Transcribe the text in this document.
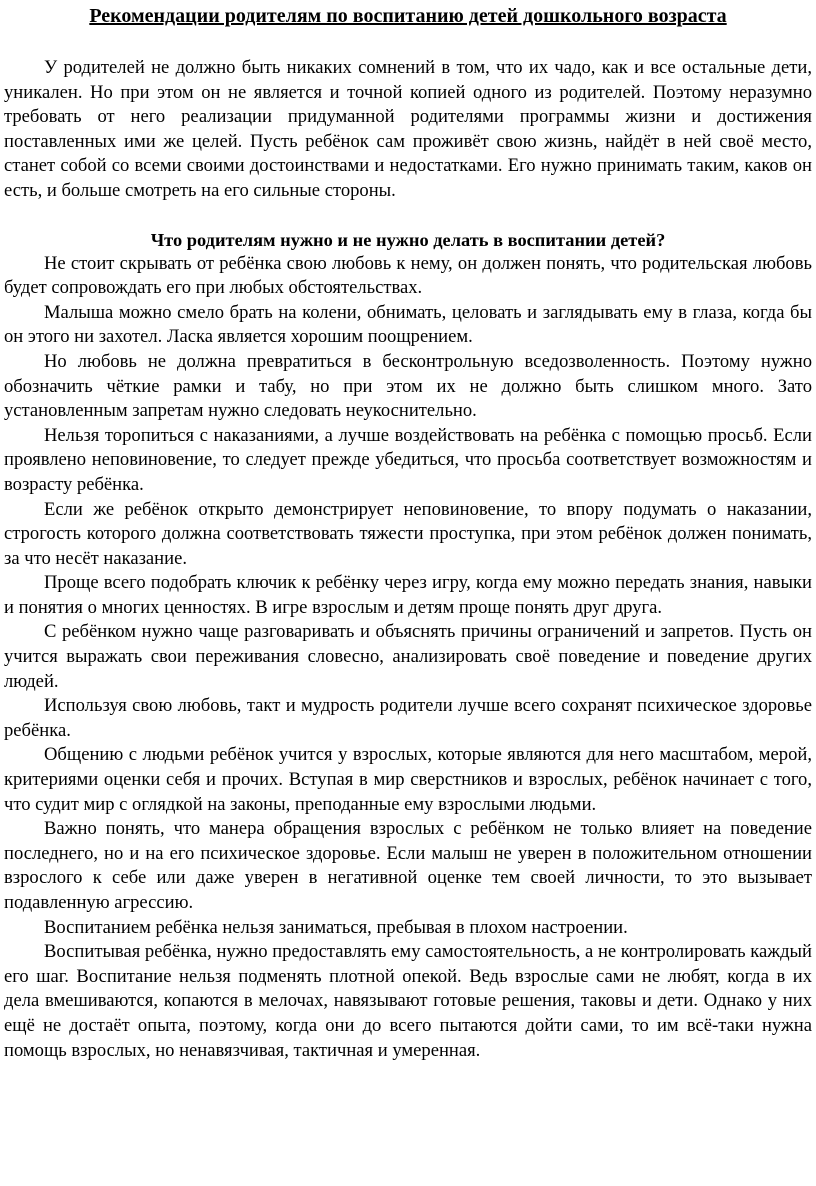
Рекомендации родителям по воспитанию детей дошкольного возраста

У родителей не должно быть никаких сомнений в том, что их чадо, как и все остальные дети, уникален. Но при этом он не является и точной копией одного из родителей. Поэтому неразумно требовать от него реализации придуманной родителями программы жизни и достижения поставленных ими же целей. Пусть ребёнок сам проживёт свою жизнь, найдёт в ней своё место, станет собой со всеми своими достоинствами и недостатками. Его нужно принимать таким, каков он есть, и больше смотреть на его сильные стороны.

Что родителям нужно и не нужно делать в воспитании детей?

Не стоит скрывать от ребёнка свою любовь к нему, он должен понять, что родительская любовь будет сопровождать его при любых обстоятельствах.

Малыша можно смело брать на колени, обнимать, целовать и заглядывать ему в глаза, когда бы он этого ни захотел. Ласка является хорошим поощрением.

Но любовь не должна превратиться в бесконтрольную вседозволенность. Поэтому нужно обозначить чёткие рамки и табу, но при этом их не должно быть слишком много. Зато установленным запретам нужно следовать неукоснительно.

Нельзя торопиться с наказаниями, а лучше воздействовать на ребёнка с помощью просьб. Если проявлено неповиновение, то следует прежде убедиться, что просьба соответствует возможностям и возрасту ребёнка.

Если же ребёнок открыто демонстрирует неповиновение, то впору подумать о наказании, строгость которого должна соответствовать тяжести проступка, при этом ребёнок должен понимать, за что несёт наказание.

Проще всего подобрать ключик к ребёнку через игру, когда ему можно передать знания, навыки и понятия о многих ценностях. В игре взрослым и детям проще понять друг друга.

С ребёнком нужно чаще разговаривать и объяснять причины ограничений и запретов. Пусть он учится выражать свои переживания словесно, анализировать своё поведение и поведение других людей.

Используя свою любовь, такт и мудрость родители лучше всего сохранят психическое здоровье ребёнка.

Общению с людьми ребёнок учится у взрослых, которые являются для него масштабом, мерой, критериями оценки себя и прочих. Вступая в мир сверстников и взрослых, ребёнок начинает с того, что судит мир с оглядкой на законы, преподанные ему взрослыми людьми.

Важно понять, что манера обращения взрослых с ребёнком не только влияет на поведение последнего, но и на его психическое здоровье. Если малыш не уверен в положительном отношении взрослого к себе или даже уверен в негативной оценке тем своей личности, то это вызывает подавленную агрессию.

Воспитанием ребёнка нельзя заниматься, пребывая в плохом настроении.

Воспитывая ребёнка, нужно предоставлять ему самостоятельность, а не контролировать каждый его шаг. Воспитание нельзя подменять плотной опекой. Ведь взрослые сами не любят, когда в их дела вмешиваются, копаются в мелочах, навязывают готовые решения, таковы и дети. Однако у них ещё не достаёт опыта, поэтому, когда они до всего пытаются дойти сами, то им всё-таки нужна помощь взрослых, но ненавязчивая, тактичная и умеренная.
